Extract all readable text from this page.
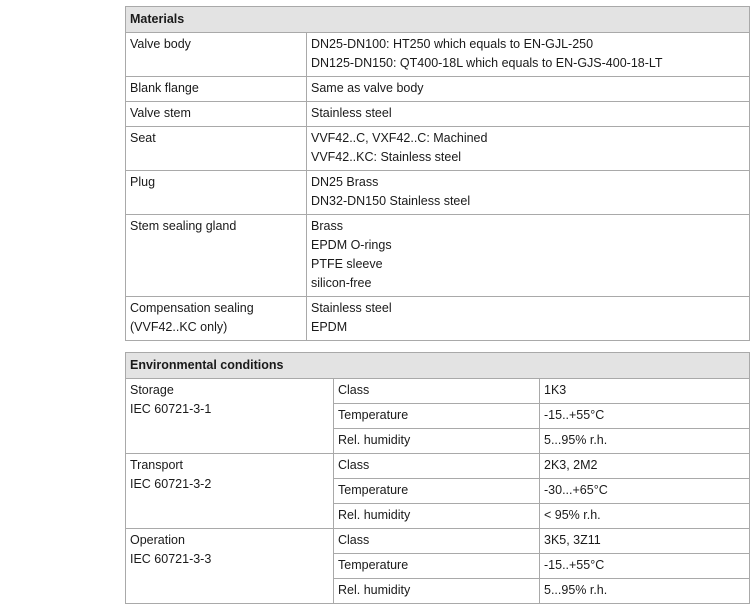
Materials	

Valve body	DN25-DN100: HT250 which equals to EN-GJL-250
DN125-DN150: QT400-18L which equals to EN-GJS-400-18-LT

Blank flange	Same as valve body

Valve stem	Stainless steel

Seat	VVF42..C, VXF42..C: Machined
VVF42..KC: Stainless steel

Plug	DN25 Brass
DN32-DN150 Stainless steel

Stem sealing gland	Brass
EPDM O-rings
PTFE sleeve
silicon-free

Compensation sealing
(VVF42..KC only)	Stainless steel
EPDM
Environmental conditions		

Storage
IEC 60721-3-1	Class	1K3
	Temperature	-15..+55°C
	Rel. humidity	5...95% r.h.

Transport
IEC 60721-3-2	Class	2K3, 2M2
	Temperature	-30...+65°C
	Rel. humidity	< 95% r.h.

Operation
IEC 60721-3-3	Class	3K5, 3Z11
	Temperature	-15..+55°C
	Rel. humidity	5...95% r.h.
